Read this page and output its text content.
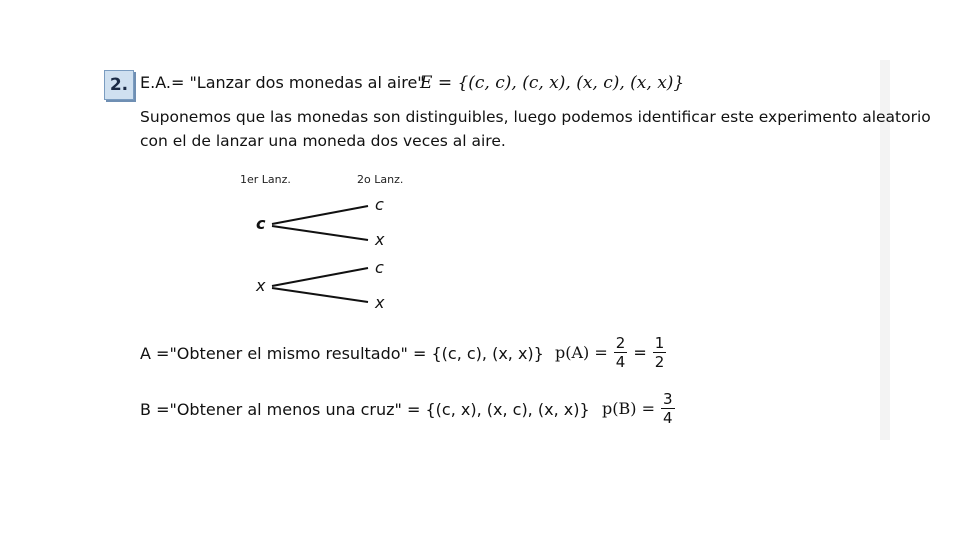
2. E.A.= "Lanzar dos monedas al aire"
E = {(c, c), (c, x), (x, c), (x, x)}
Suponemos que las monedas son distinguibles, luego podemos identificar este experimento aleatorio
con el de lanzar una moneda dos veces al aire.
1er Lanz.	2o Lanz.
c
x
c
x
c
x
A ="Obtener el mismo resultado" = {(c, c), (x, x)} $p(A) = \frac{2}{4} = \frac{1}{2}$
B ="Obtener al menos una cruz" = {(c, x), (x, c), (x, x)} $p(B) = \frac{3}{4}$
